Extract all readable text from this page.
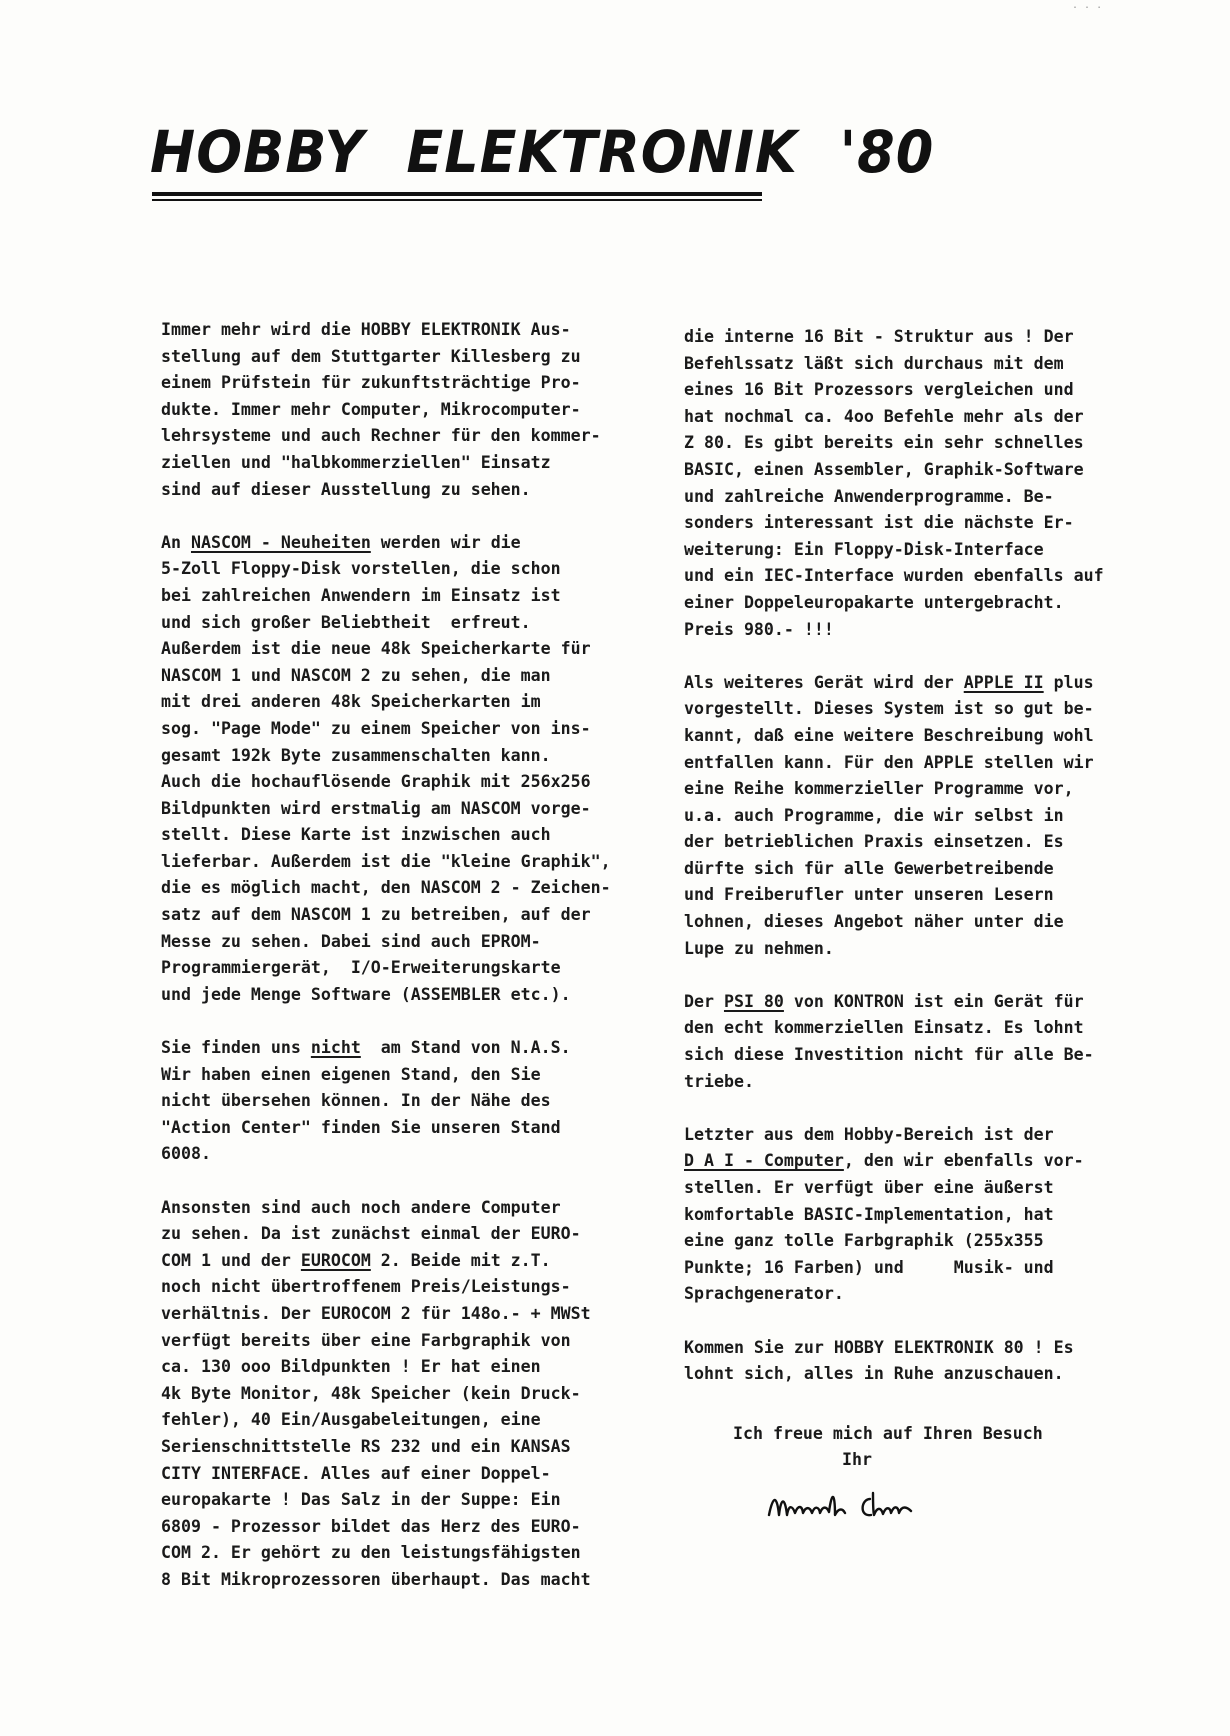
. . .
HOBBY ELEKTRONIK '80
Immer mehr wird die HOBBY ELEKTRONIK Aus-
stellung auf dem Stuttgarter Killesberg zu
einem Prüfstein für zukunftsträchtige Pro-
dukte. Immer mehr Computer, Mikrocomputer-
lehrsysteme und auch Rechner für den kommer-
ziellen und "halbkommerziellen" Einsatz
sind auf dieser Ausstellung zu sehen.
An NASCOM - Neuheiten werden wir die
5-Zoll Floppy-Disk vorstellen, die schon
bei zahlreichen Anwendern im Einsatz ist
und sich großer Beliebtheit  erfreut.
Außerdem ist die neue 48k Speicherkarte für
NASCOM 1 und NASCOM 2 zu sehen, die man
mit drei anderen 48k Speicherkarten im
sog. "Page Mode" zu einem Speicher von ins-
gesamt 192k Byte zusammenschalten kann.
Auch die hochauflösende Graphik mit 256x256
Bildpunkten wird erstmalig am NASCOM vorge-
stellt. Diese Karte ist inzwischen auch
lieferbar. Außerdem ist die "kleine Graphik",
die es möglich macht, den NASCOM 2 - Zeichen-
satz auf dem NASCOM 1 zu betreiben, auf der
Messe zu sehen. Dabei sind auch EPROM-
Programmiergerät,  I/O-Erweiterungskarte
und jede Menge Software (ASSEMBLER etc.).
Sie finden uns nicht  am Stand von N.A.S.
Wir haben einen eigenen Stand, den Sie
nicht übersehen können. In der Nähe des
"Action Center" finden Sie unseren Stand
6008.
Ansonsten sind auch noch andere Computer
zu sehen. Da ist zunächst einmal der EURO-
COM 1 und der EUROCOM 2. Beide mit z.T.
noch nicht übertroffenem Preis/Leistungs-
verhältnis. Der EUROCOM 2 für 148o.- + MWSt
verfügt bereits über eine Farbgraphik von
ca. 130 ooo Bildpunkten ! Er hat einen
4k Byte Monitor, 48k Speicher (kein Druck-
fehler), 40 Ein/Ausgabeleitungen, eine
Serienschnittstelle RS 232 und ein KANSAS
CITY INTERFACE. Alles auf einer Doppel-
europakarte ! Das Salz in der Suppe: Ein
6809 - Prozessor bildet das Herz des EURO-
COM 2. Er gehört zu den leistungsfähigsten
8 Bit Mikroprozessoren überhaupt. Das macht
die interne 16 Bit - Struktur aus ! Der
Befehlssatz läßt sich durchaus mit dem
eines 16 Bit Prozessors vergleichen und
hat nochmal ca. 4oo Befehle mehr als der
Z 80. Es gibt bereits ein sehr schnelles
BASIC, einen Assembler, Graphik-Software
und zahlreiche Anwenderprogramme. Be-
sonders interessant ist die nächste Er-
weiterung: Ein Floppy-Disk-Interface
und ein IEC-Interface wurden ebenfalls auf
einer Doppeleuropakarte untergebracht.
Preis 980.- !!!
Als weiteres Gerät wird der APPLE II plus
vorgestellt. Dieses System ist so gut be-
kannt, daß eine weitere Beschreibung wohl
entfallen kann. Für den APPLE stellen wir
eine Reihe kommerzieller Programme vor,
u.a. auch Programme, die wir selbst in
der betrieblichen Praxis einsetzen. Es
dürfte sich für alle Gewerbetreibende
und Freiberufler unter unseren Lesern
lohnen, dieses Angebot näher unter die
Lupe zu nehmen.
Der PSI 80 von KONTRON ist ein Gerät für
den echt kommerziellen Einsatz. Es lohnt
sich diese Investition nicht für alle Be-
triebe.
Letzter aus dem Hobby-Bereich ist der
D A I - Computer, den wir ebenfalls vor-
stellen. Er verfügt über eine äußerst
komfortable BASIC-Implementation, hat
eine ganz tolle Farbgraphik (255x355
Punkte; 16 Farben) und     Musik- und
Sprachgenerator.
Kommen Sie zur HOBBY ELEKTRONIK 80 ! Es
lohnt sich, alles in Ruhe anzuschauen.
Ich freue mich auf Ihren Besuch
Ihr
